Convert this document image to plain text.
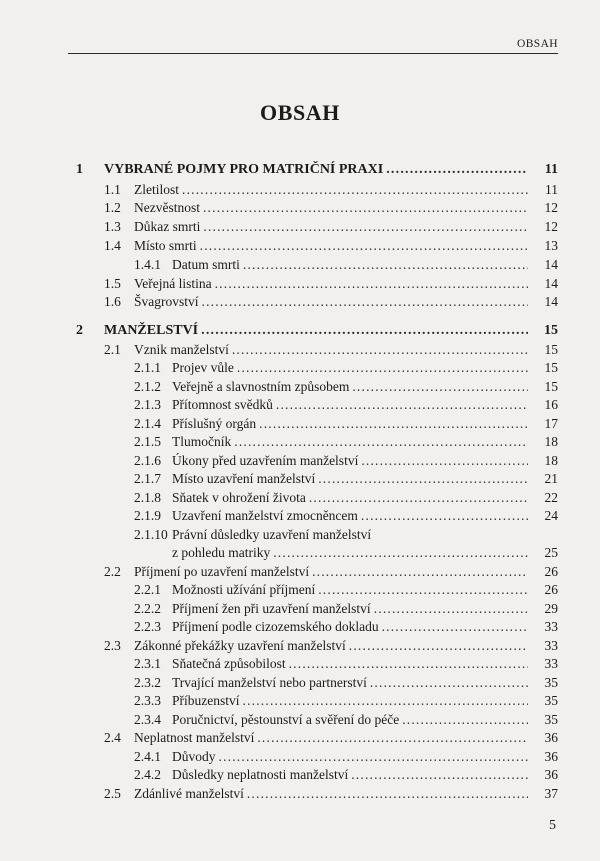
OBSAH
OBSAH
1 VYBRANÉ POJMY PRO MATRIČNÍ PRAXI .....	11
1.1 Zletilost .....	11
1.2 Nezvěstnost .....	12
1.3 Důkaz smrti .....	12
1.4 Místo smrti .....	13
1.4.1 Datum smrti .....	14
1.5 Veřejná listina .....	14
1.6 Švagrovství .....	14
2 MANŽELSTVÍ .....	15
2.1 Vznik manželství .....	15
2.1.1 Projev vůle .....	15
2.1.2 Veřejně a slavnostním způsobem .....	15
2.1.3 Přítomnost svědků .....	16
2.1.4 Příslušný orgán .....	17
2.1.5 Tlumočník .....	18
2.1.6 Úkony před uzavřením manželství .....	18
2.1.7 Místo uzavření manželství .....	21
2.1.8 Sňatek v ohrožení života .....	22
2.1.9 Uzavření manželství zmocněncem .....	24
2.1.10 Právní důsledky uzavření manželství
z pohledu matriky .....	25
2.2 Příjmení po uzavření manželství .....	26
2.2.1 Možnosti užívání příjmení .....	26
2.2.2 Příjmení žen při uzavření manželství .....	29
2.2.3 Příjmení podle cizozemského dokladu .....	33
2.3 Zákonné překážky uzavření manželství .....	33
2.3.1 Sňatečná způsobilost .....	33
2.3.2 Trvající manželství nebo partnerství .....	35
2.3.3 Příbuzenství .....	35
2.3.4 Poručnictví, pěstounství a svěření do péče .....	35
2.4 Neplatnost manželství .....	36
2.4.1 Důvody .....	36
2.4.2 Důsledky neplatnosti manželství .....	36
2.5 Zdánlivé manželství .....	37
5
